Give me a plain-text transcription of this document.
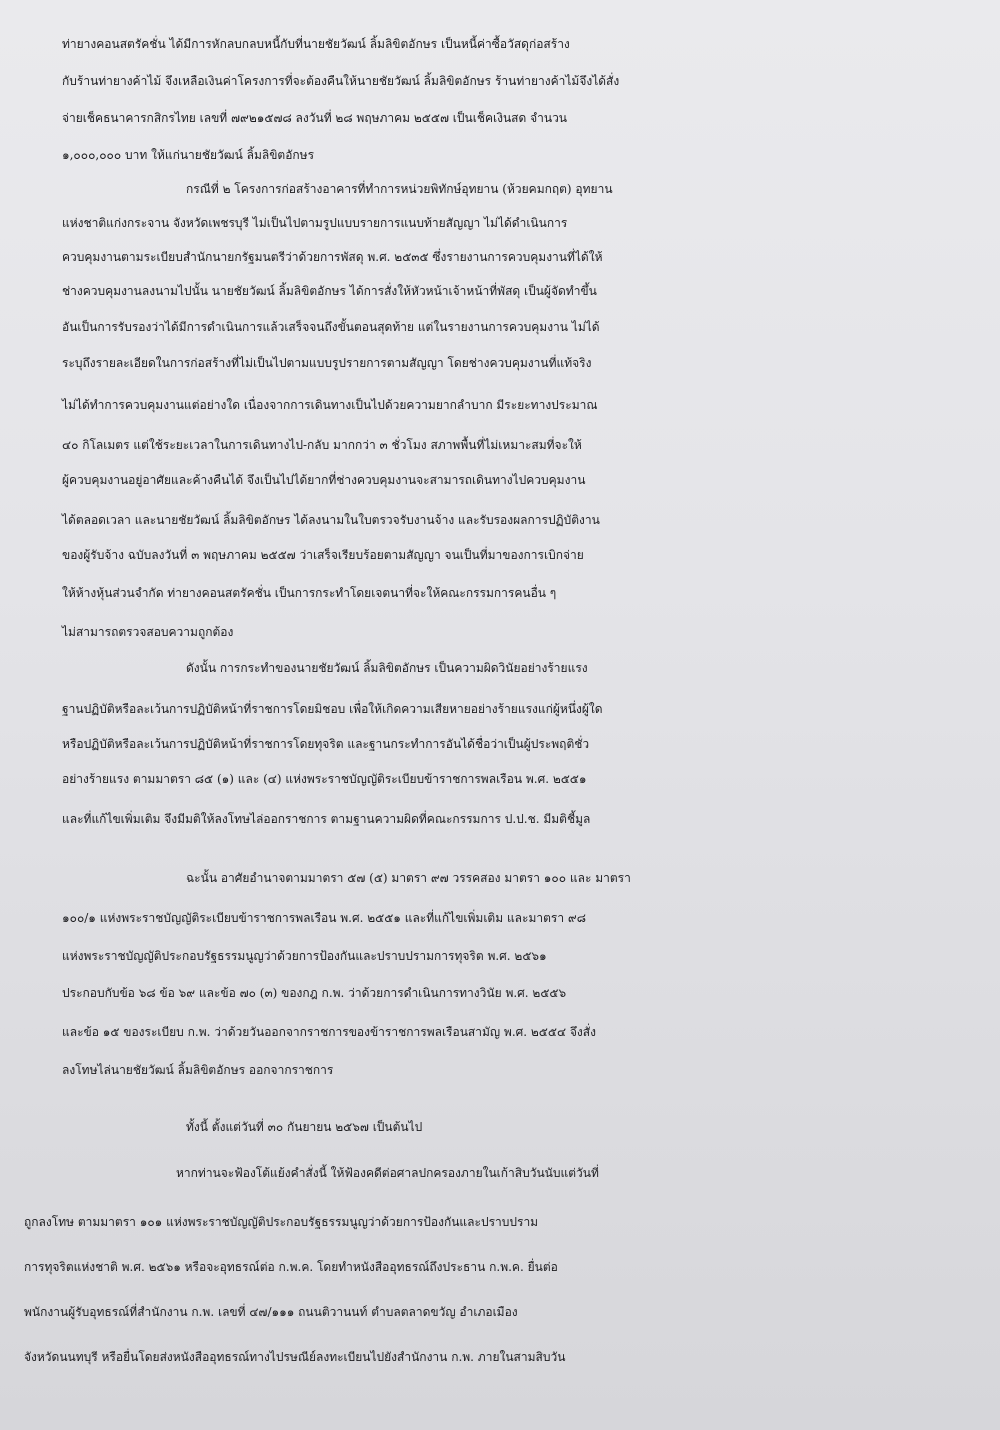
ท่ายางคอนสตรัคชั่น ได้มีการหักลบกลบหนี้กับที่นายชัยวัฒน์ ลิ้มลิขิตอักษร เป็นหนี้ค่าซื้อวัสดุก่อสร้าง
กับร้านท่ายางค้าไม้ จึงเหลือเงินค่าโครงการที่จะต้องคืนให้นายชัยวัฒน์ ลิ้มลิขิตอักษร ร้านท่ายางค้าไม้จึงได้สั่ง
จ่ายเช็คธนาคารกสิกรไทย เลขที่ ๗๙๒๑๕๗๘ ลงวันที่ ๒๘ พฤษภาคม ๒๕๕๗ เป็นเช็คเงินสด จำนวน
๑,๐๐๐,๐๐๐ บาท ให้แก่นายชัยวัฒน์ ลิ้มลิขิตอักษร
กรณีที่ ๒ โครงการก่อสร้างอาคารที่ทำการหน่วยพิทักษ์อุทยาน (ห้วยคมกฤต) อุทยาน
แห่งชาติแก่งกระจาน จังหวัดเพชรบุรี ไม่เป็นไปตามรูปแบบรายการแนบท้ายสัญญา ไม่ได้ดำเนินการ
ควบคุมงานตามระเบียบสำนักนายกรัฐมนตรีว่าด้วยการพัสดุ พ.ศ. ๒๕๓๕ ซึ่งรายงานการควบคุมงานที่ได้ให้
ช่างควบคุมงานลงนามไปนั้น นายชัยวัฒน์ ลิ้มลิขิตอักษร ได้การสั่งให้หัวหน้าเจ้าหน้าที่พัสดุ เป็นผู้จัดทำขึ้น
อันเป็นการรับรองว่าได้มีการดำเนินการแล้วเสร็จจนถึงขั้นตอนสุดท้าย แต่ในรายงานการควบคุมงาน ไม่ได้
ระบุถึงรายละเอียดในการก่อสร้างที่ไม่เป็นไปตามแบบรูปรายการตามสัญญา โดยช่างควบคุมงานที่แท้จริง
ไม่ได้ทำการควบคุมงานแต่อย่างใด เนื่องจากการเดินทางเป็นไปด้วยความยากลำบาก มีระยะทางประมาณ
๔๐ กิโลเมตร แต่ใช้ระยะเวลาในการเดินทางไป-กลับ มากกว่า ๓ ชั่วโมง สภาพพื้นที่ไม่เหมาะสมที่จะให้
ผู้ควบคุมงานอยู่อาศัยและค้างคืนได้ จึงเป็นไปได้ยากที่ช่างควบคุมงานจะสามารถเดินทางไปควบคุมงาน
ได้ตลอดเวลา และนายชัยวัฒน์ ลิ้มลิขิตอักษร ได้ลงนามในใบตรวจรับงานจ้าง และรับรองผลการปฏิบัติงาน
ของผู้รับจ้าง ฉบับลงวันที่ ๓ พฤษภาคม ๒๕๕๗ ว่าเสร็จเรียบร้อยตามสัญญา จนเป็นที่มาของการเบิกจ่าย
ให้ห้างหุ้นส่วนจำกัด ท่ายางคอนสตรัคชั่น เป็นการกระทำโดยเจตนาที่จะให้คณะกรรมการคนอื่น ๆ
ไม่สามารถตรวจสอบความถูกต้อง
ดังนั้น การกระทำของนายชัยวัฒน์ ลิ้มลิขิตอักษร เป็นความผิดวินัยอย่างร้ายแรง
ฐานปฏิบัติหรือละเว้นการปฏิบัติหน้าที่ราชการโดยมิชอบ เพื่อให้เกิดความเสียหายอย่างร้ายแรงแก่ผู้หนึ่งผู้ใด
หรือปฏิบัติหรือละเว้นการปฏิบัติหน้าที่ราชการโดยทุจริต และฐานกระทำการอันได้ชื่อว่าเป็นผู้ประพฤติชั่ว
อย่างร้ายแรง ตามมาตรา ๘๕ (๑) และ (๔) แห่งพระราชบัญญัติระเบียบข้าราชการพลเรือน พ.ศ. ๒๕๕๑
และที่แก้ไขเพิ่มเติม จึงมีมติให้ลงโทษไล่ออกราชการ ตามฐานความผิดที่คณะกรรมการ ป.ป.ช. มีมติชี้มูล
ฉะนั้น อาศัยอำนาจตามมาตรา ๕๗ (๕) มาตรา ๙๗ วรรคสอง มาตรา ๑๐๐ และ มาตรา
๑๐๐/๑ แห่งพระราชบัญญัติระเบียบข้าราชการพลเรือน พ.ศ. ๒๕๕๑ และที่แก้ไขเพิ่มเติม และมาตรา ๙๘
แห่งพระราชบัญญัติประกอบรัฐธรรมนูญว่าด้วยการป้องกันและปราบปรามการทุจริต พ.ศ. ๒๕๖๑
ประกอบกับข้อ ๖๘ ข้อ ๖๙ และข้อ ๗๐ (๓) ของกฎ ก.พ. ว่าด้วยการดำเนินการทางวินัย พ.ศ. ๒๕๕๖
และข้อ ๑๕ ของระเบียบ ก.พ. ว่าด้วยวันออกจากราชการของข้าราชการพลเรือนสามัญ พ.ศ. ๒๕๕๔ จึงสั่ง
ลงโทษไล่นายชัยวัฒน์ ลิ้มลิขิตอักษร ออกจากราชการ
ทั้งนี้ ตั้งแต่วันที่ ๓๐ กันยายน ๒๕๖๗ เป็นต้นไป
หากท่านจะฟ้องโต้แย้งคำสั่งนี้ ให้ฟ้องคดีต่อศาลปกครองภายในเก้าสิบวันนับแต่วันที่
ถูกลงโทษ ตามมาตรา ๑๐๑ แห่งพระราชบัญญัติประกอบรัฐธรรมนูญว่าด้วยการป้องกันและปราบปราม
การทุจริตแห่งชาติ พ.ศ. ๒๕๖๑ หรือจะอุทธรณ์ต่อ ก.พ.ค. โดยทำหนังสืออุทธรณ์ถึงประธาน ก.พ.ค. ยื่นต่อ
พนักงานผู้รับอุทธรณ์ที่สำนักงาน ก.พ. เลขที่ ๔๗/๑๑๑ ถนนติวานนท์ ตำบลตลาดขวัญ อำเภอเมือง
จังหวัดนนทบุรี หรือยื่นโดยส่งหนังสืออุทธรณ์ทางไปรษณีย์ลงทะเบียนไปยังสำนักงาน ก.พ. ภายในสามสิบวัน
